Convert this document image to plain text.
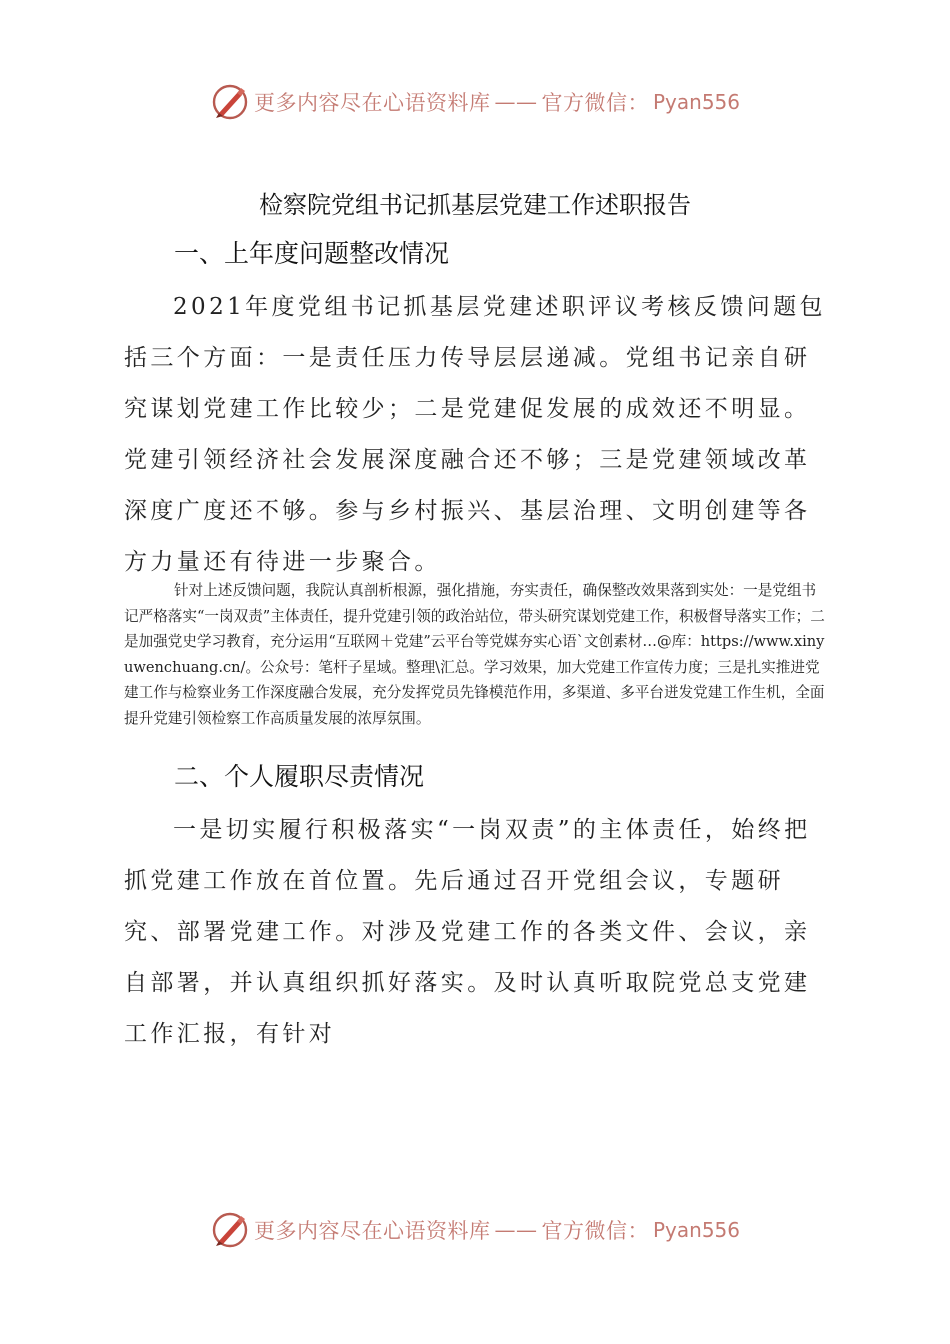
更多内容尽在心语资料库 —— 官方微信： Pyan556
检察院党组书记抓基层党建工作述职报告
一、上年度问题整改情况

2021年度党组书记抓基层党建述职评议考核反馈问题包括三个方面：一是责任压力传导层层递减。党组书记亲自研究谋划党建工作比较少；二是党建促发展的成效还不明显。党建引领经济社会发展深度融合还不够；三是党建领域改革深度广度还不够。参与乡村振兴、基层治理、文明创建等各方力量还有待进一步聚合。

针对上述反馈问题，我院认真剖析根源，强化措施，夯实责任，确保整改效果落到实处：一是党组书记严格落实“一岗双责”主体责任，提升党建引领的政治站位，带头研究谋划党建工作，积极督导落实工作；二是加强党史学习教育，充分运用“互联网＋党建”云平台等党媒夯实心语`文创素材…@库：https://www.xinyuwenchuang.cn/。公众号：笔杆子星域。整理\汇总。学习效果，加大党建工作宣传力度；三是扎实推进党建工作与检察业务工作深度融合发展，充分发挥党员先锋模范作用，多渠道、多平台迸发党建工作生机，全面提升党建引领检察工作高质量发展的浓厚氛围。

二、个人履职尽责情况

一是切实履行积极落实“一岗双责”的主体责任，始终把抓党建工作放在首位置。先后通过召开党组会议，专题研究、部署党建工作。对涉及党建工作的各类文件、会议，亲自部署，并认真组织抓好落实。及时认真听取院党总支党建工作汇报，有针对

更多内容尽在心语资料库 —— 官方微信： Pyan556
